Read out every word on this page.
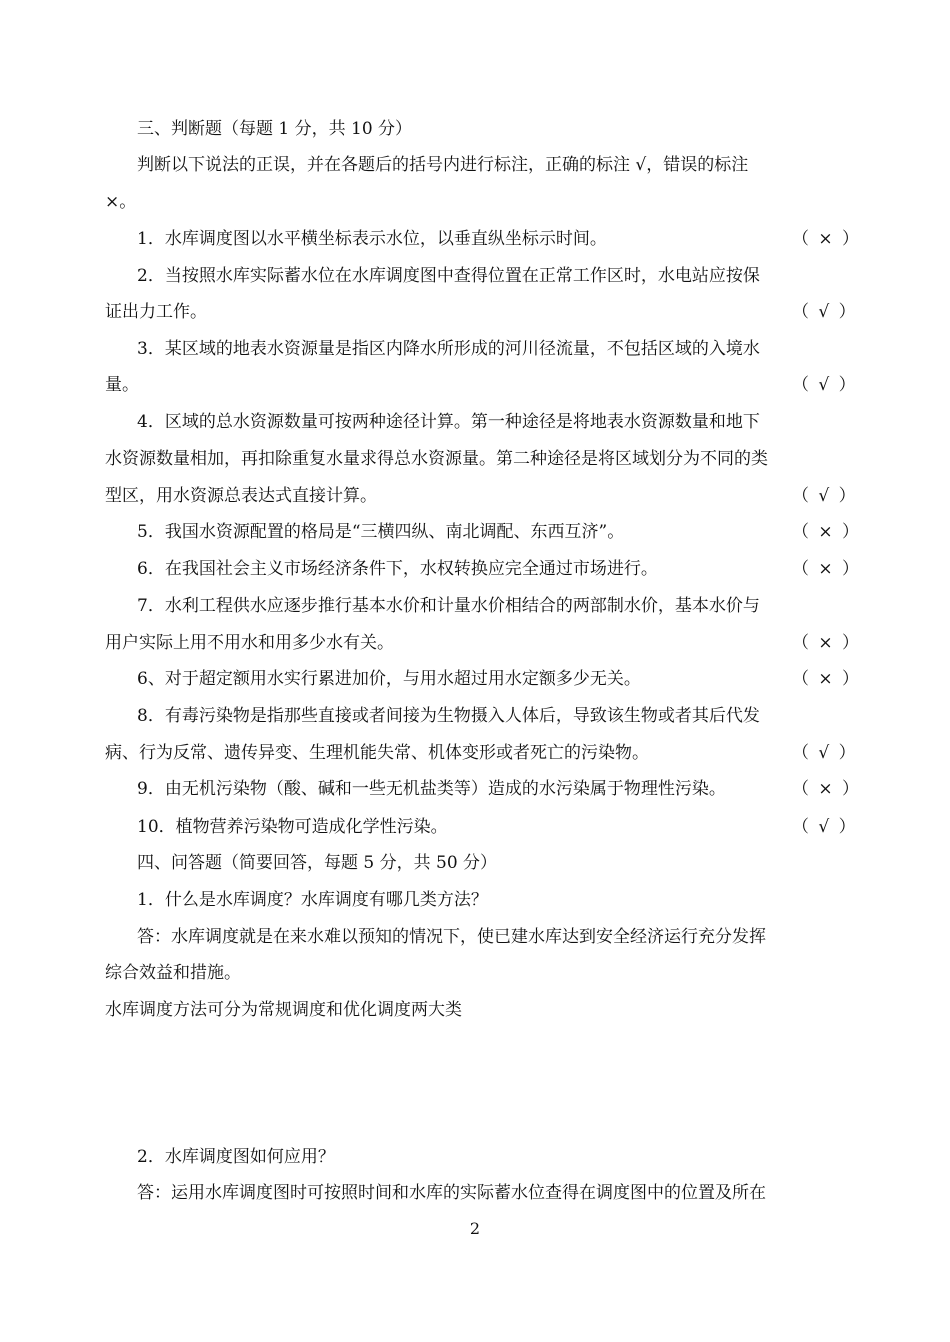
三、判断题（每题 1 分，共 10 分）
判断以下说法的正误，并在各题后的括号内进行标注，正确的标注 √，错误的标注
×。
1．水库调度图以水平横坐标表示水位，以垂直纵坐标示时间。	（ × ）
2．当按照水库实际蓄水位在水库调度图中查得位置在正常工作区时，水电站应按保
证出力工作。	（ √ ）
3．某区域的地表水资源量是指区内降水所形成的河川径流量，不包括区域的入境水
量。	（ √ ）
4．区域的总水资源数量可按两种途径计算。第一种途径是将地表水资源数量和地下
水资源数量相加，再扣除重复水量求得总水资源量。第二种途径是将区域划分为不同的类
型区，用水资源总表达式直接计算。	（ √ ）
5．我国水资源配置的格局是“三横四纵、南北调配、东西互济”。	（ × ）
6．在我国社会主义市场经济条件下，水权转换应完全通过市场进行。	（ × ）
7．水利工程供水应逐步推行基本水价和计量水价相结合的两部制水价，基本水价与
用户实际上用不用水和用多少水有关。	（ × ）
6、对于超定额用水实行累进加价，与用水超过用水定额多少无关。	（ × ）
8．有毒污染物是指那些直接或者间接为生物摄入人体后，导致该生物或者其后代发
病、行为反常、遗传异变、生理机能失常、机体变形或者死亡的污染物。	（ √ ）
9．由无机污染物（酸、碱和一些无机盐类等）造成的水污染属于物理性污染。	（ × ）
10．植物营养污染物可造成化学性污染。	（ √ ）
四、问答题（简要回答，每题 5 分，共 50 分）
1．什么是水库调度？水库调度有哪几类方法？
答：水库调度就是在来水难以预知的情况下，使已建水库达到安全经济运行充分发挥
综合效益和措施。
水库调度方法可分为常规调度和优化调度两大类
2．水库调度图如何应用？
答：运用水库调度图时可按照时间和水库的实际蓄水位查得在调度图中的位置及所在
2
